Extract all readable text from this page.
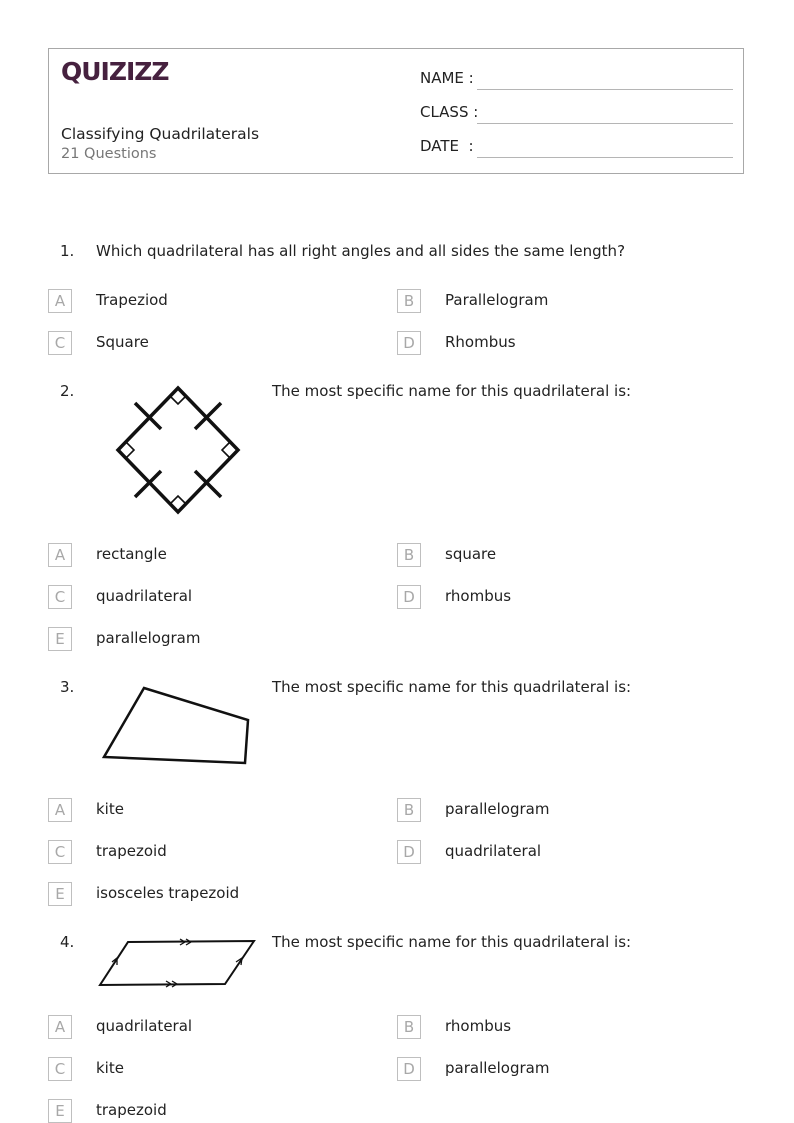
QUIZIZZ
Classifying Quadrilaterals
21 Questions
NAME :
CLASS :
DATE  :
1. Which quadrilateral has all right angles and all sides the same length?
A	Trapeziod	B	Parallelogram
C	Square	D	Rhombus
2.	The most specific name for this quadrilateral is:
A	rectangle	B	square
C	quadrilateral	D	rhombus
E	parallelogram
3.	The most specific name for this quadrilateral is:
A	kite	B	parallelogram
C	trapezoid	D	quadrilateral
E	isosceles trapezoid
4.	The most specific name for this quadrilateral is:
A	quadrilateral	B	rhombus
C	kite	D	parallelogram
E	trapezoid
